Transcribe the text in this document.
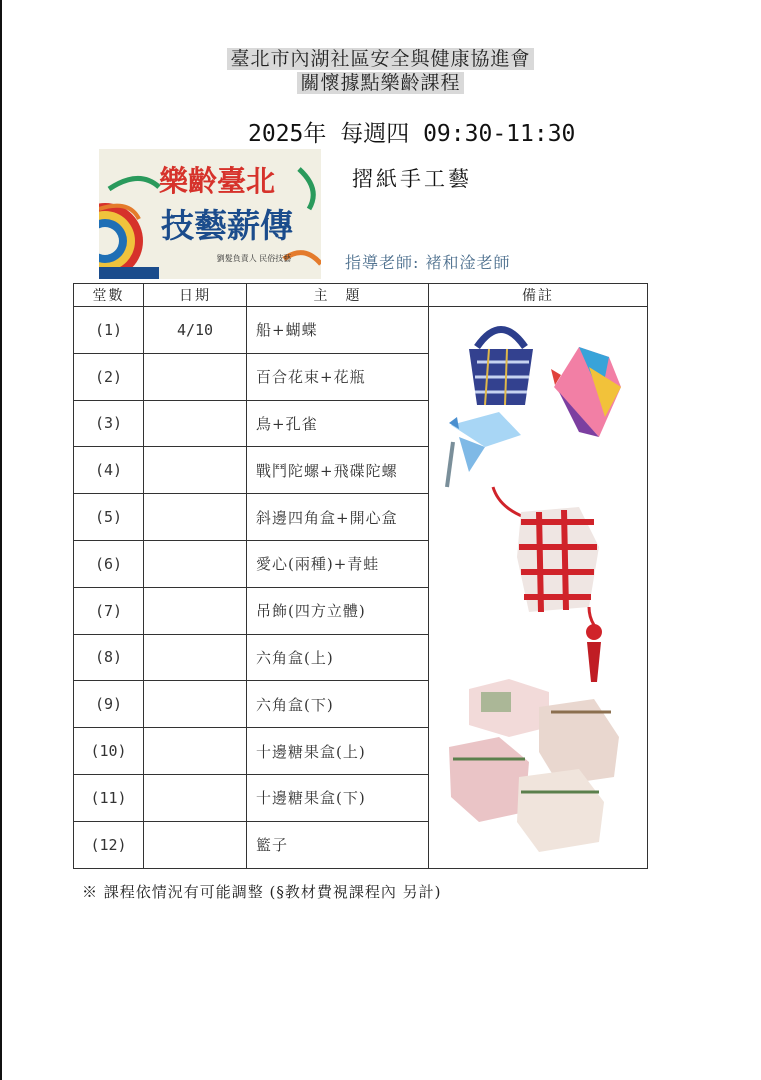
臺北市內湖社區安全與健康協進會
關懷據點樂齡課程
2025年 每週四 09:30-11:30
樂齡臺北
技藝薪傳
劉髮負責人 民俗技藝
摺紙手工藝
指導老師: 褚和淦老師
堂數	日期	主　題	備註
(1)	4/10	船+蝴蝶	

(2)		百合花束+花瓶	
(3)		鳥+孔雀	
(4)		戰鬥陀螺+飛碟陀螺	
(5)		斜邊四角盒+開心盒	
(6)		愛心(兩種)+青蛙	
(7)		吊飾(四方立體)	
(8)		六角盒(上)	
(9)		六角盒(下)	
(10)		十邊糖果盒(上)	
(11)		十邊糖果盒(下)	
(12)		籃子	
※ 課程依情況有可能調整 (§教材費視課程內 另計)
